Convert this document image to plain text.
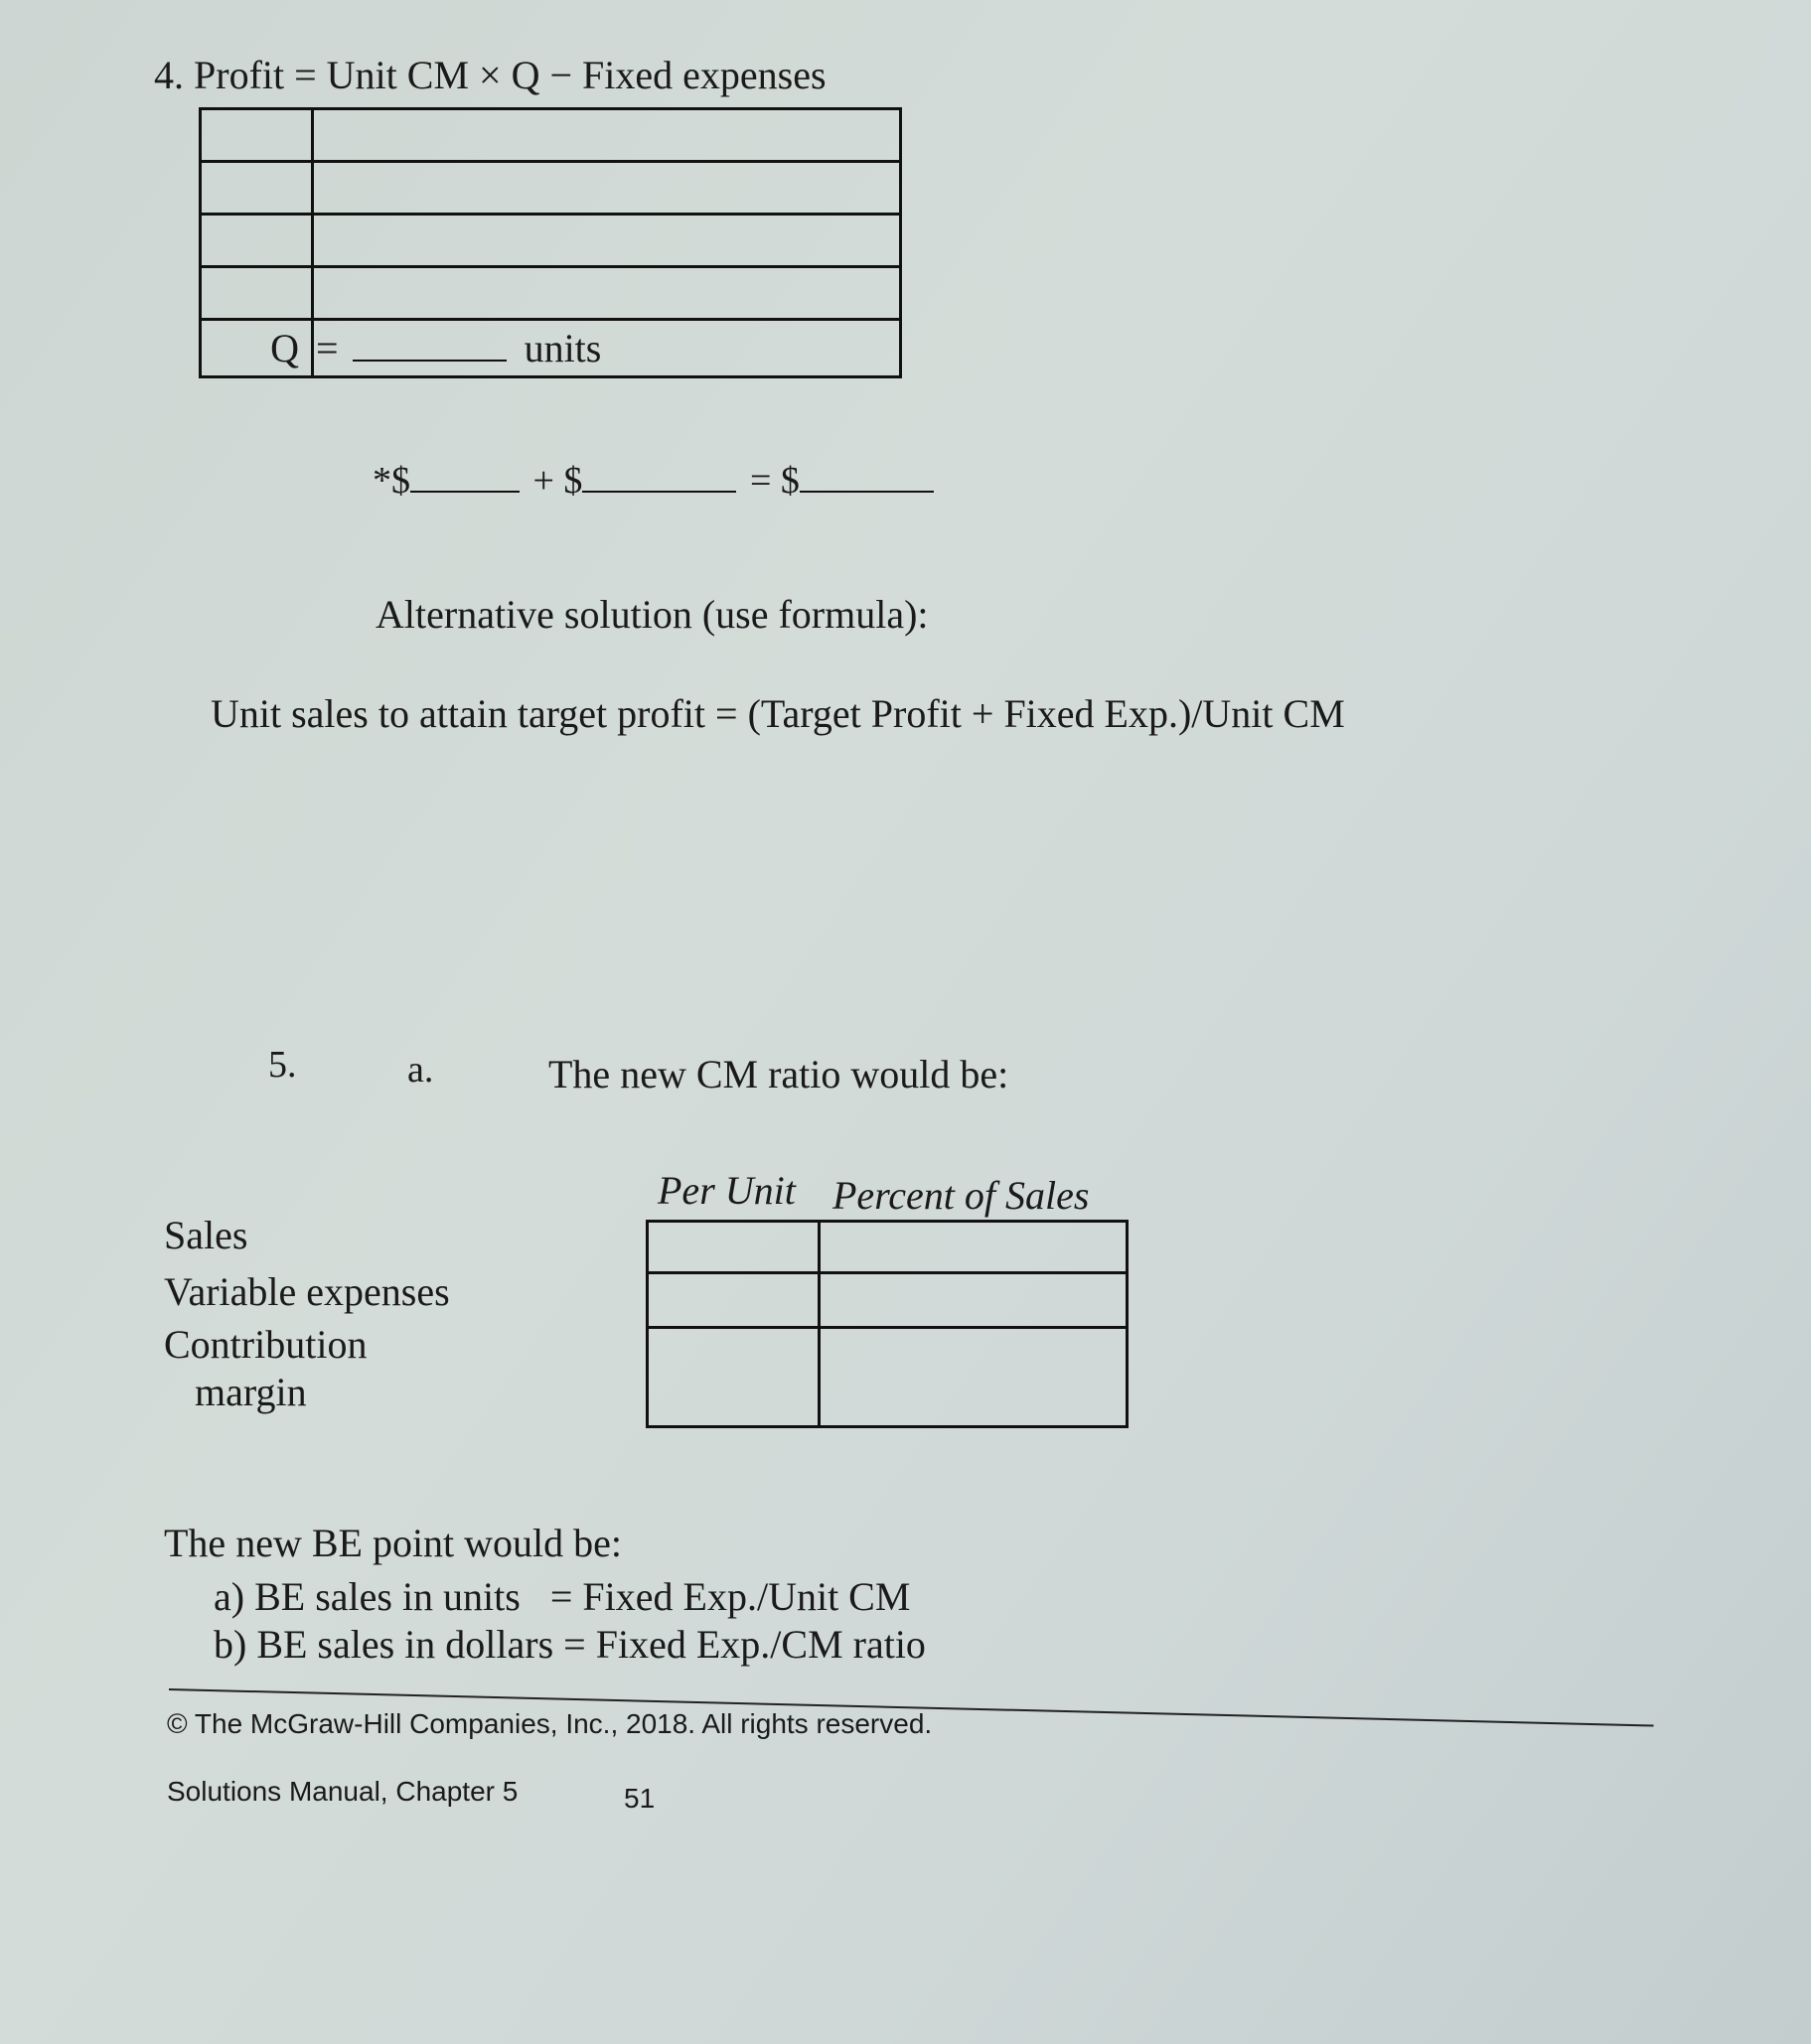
4. Profit = Unit CM × Q − Fixed expenses

Q	= units
*$	+ $	= $
Alternative solution (use formula):
Unit sales to attain target profit = (Target Profit + Fixed Exp.)/Unit CM
5.	a.	The new CM ratio would be:
Per Unit Percent of Sales
Sales
Variable expenses
Contribution
margin

The new BE point would be:
a) BE sales in units   = Fixed Exp./Unit CM
b) BE sales in dollars = Fixed Exp./CM ratio
© The McGraw-Hill Companies, Inc., 2018. All rights reserved.
Solutions Manual, Chapter 5	51
